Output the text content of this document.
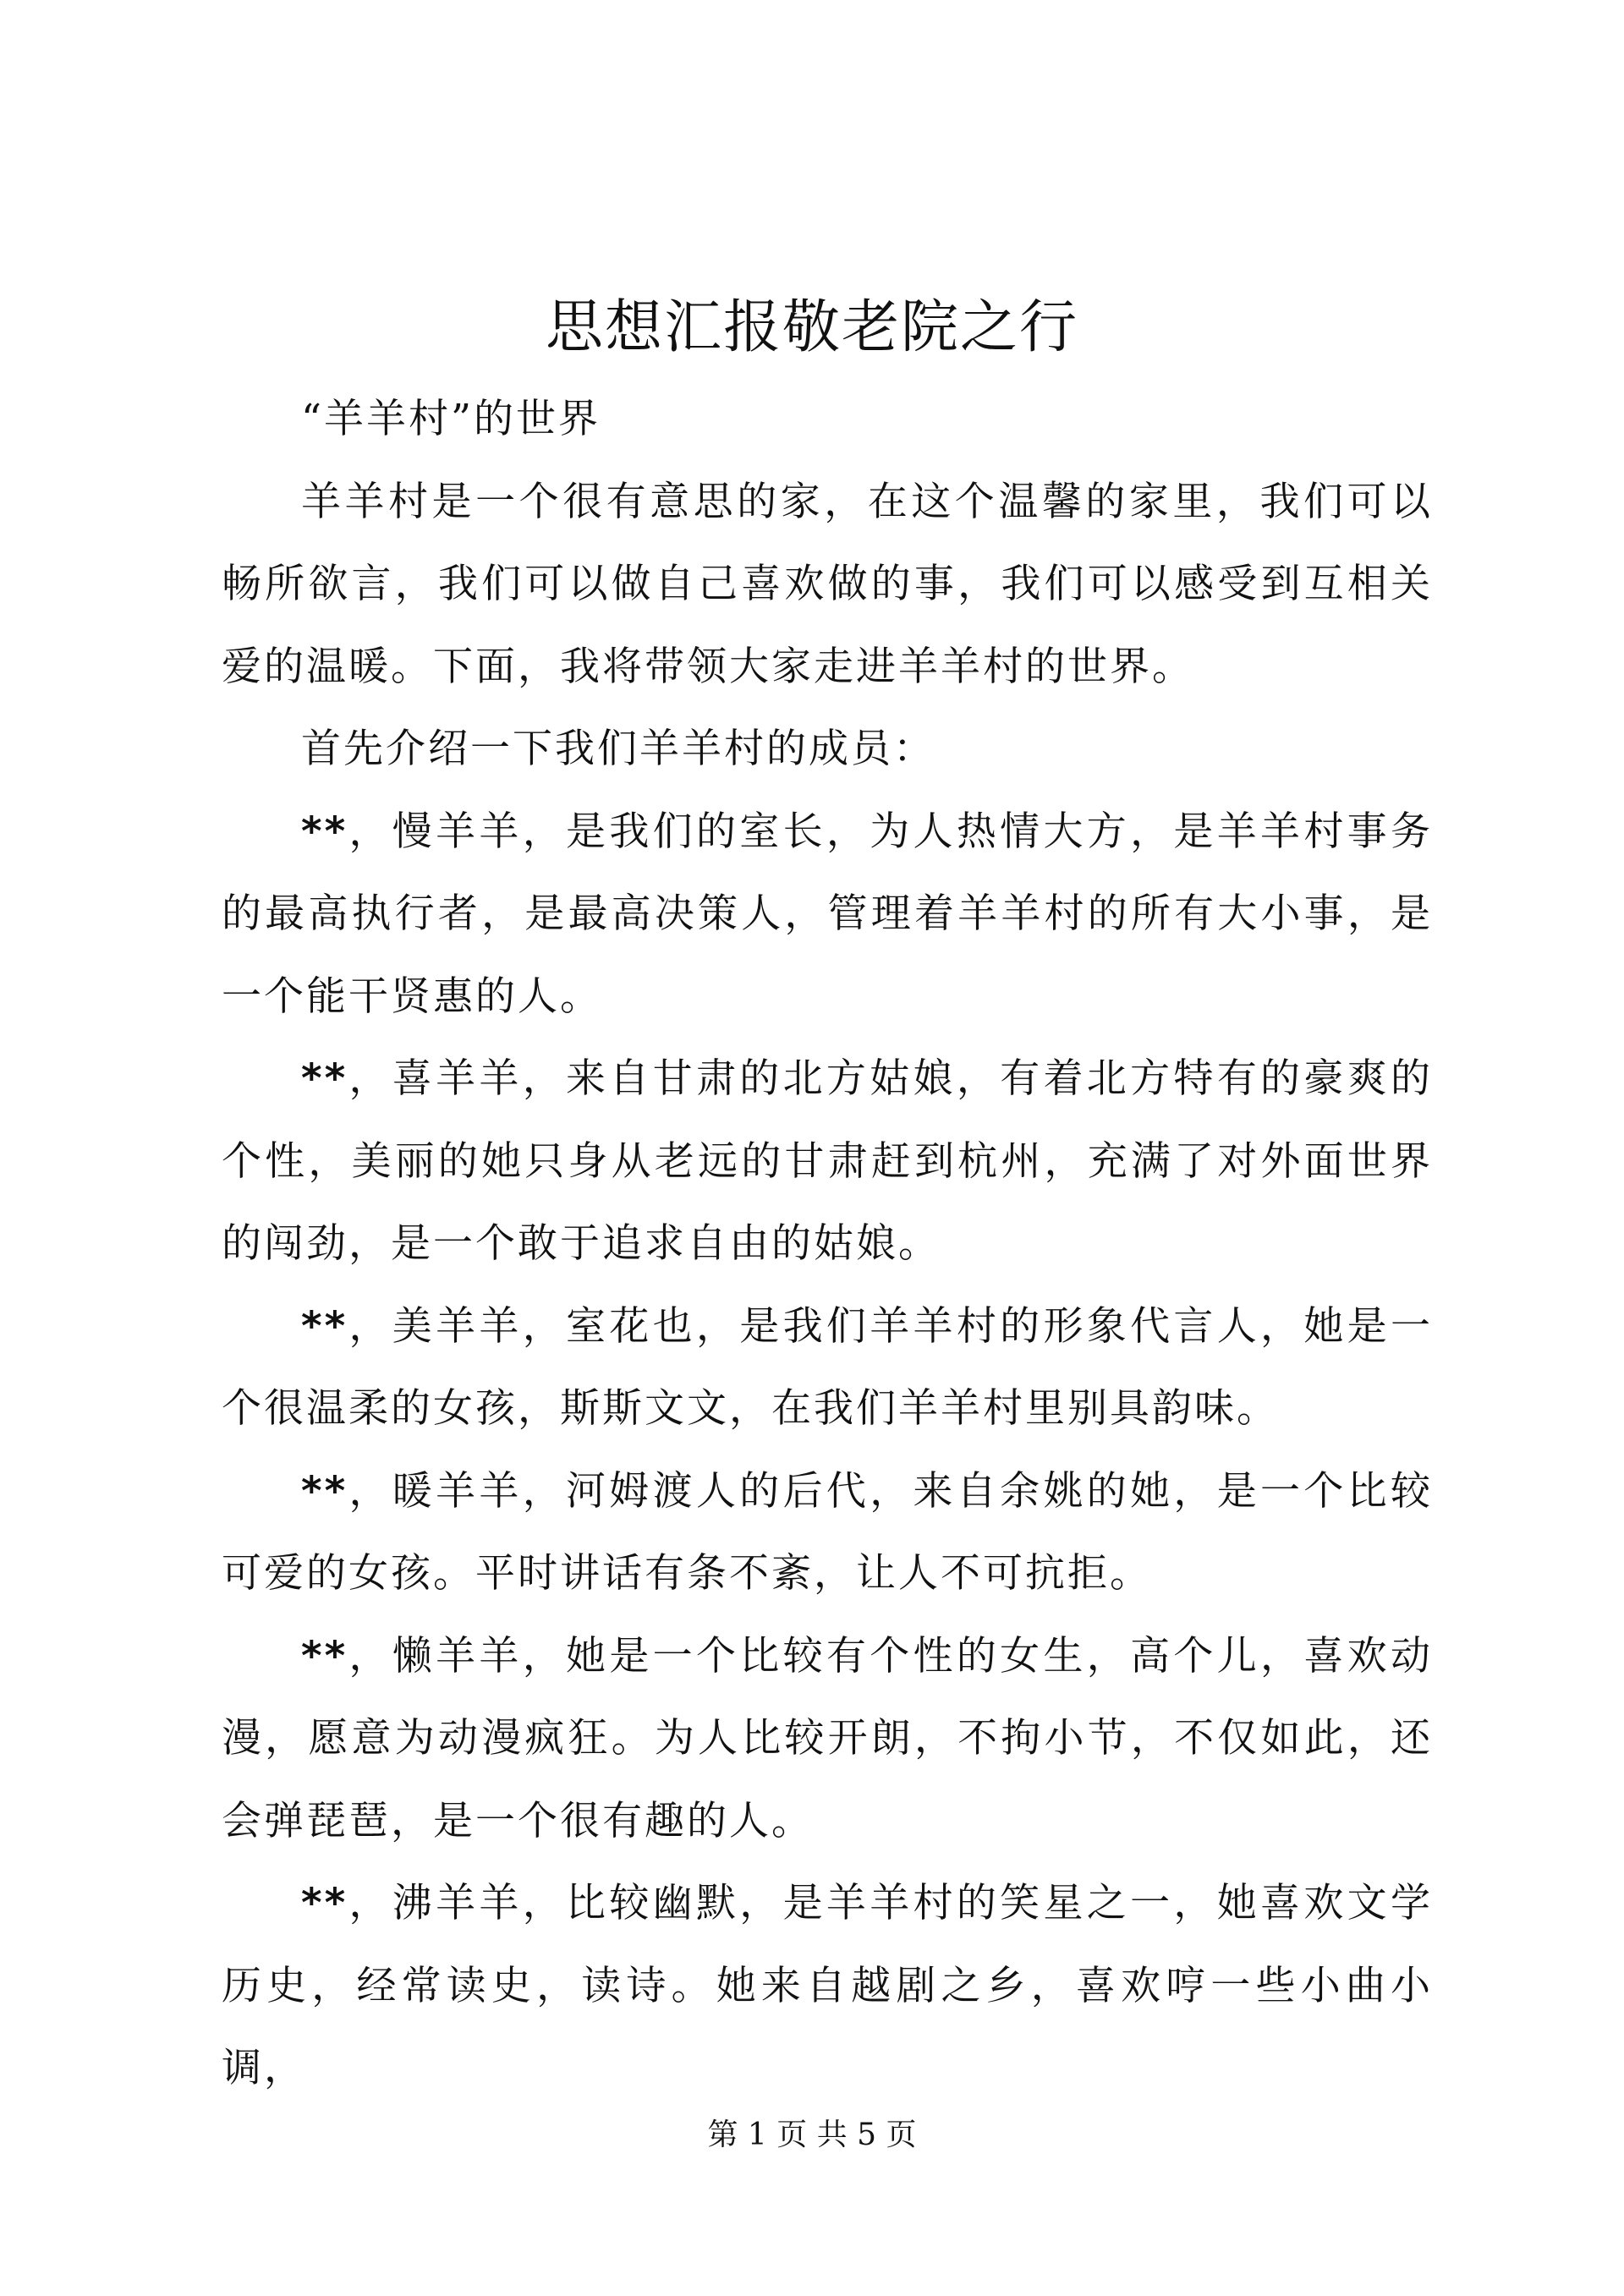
思想汇报敬老院之行

“羊羊村”的世界

羊羊村是一个很有意思的家，在这个温馨的家里，我们可以畅所欲言，我们可以做自己喜欢做的事，我们可以感受到互相关爱的温暖。下面，我将带领大家走进羊羊村的世界。

首先介绍一下我们羊羊村的成员：

**，慢羊羊，是我们的室长，为人热情大方，是羊羊村事务的最高执行者，是最高决策人，管理着羊羊村的所有大小事，是一个能干贤惠的人。

**，喜羊羊，来自甘肃的北方姑娘，有着北方特有的豪爽的个性，美丽的她只身从老远的甘肃赶到杭州，充满了对外面世界的闯劲，是一个敢于追求自由的姑娘。

**，美羊羊，室花也，是我们羊羊村的形象代言人，她是一个很温柔的女孩，斯斯文文，在我们羊羊村里别具韵味。

**，暖羊羊，河姆渡人的后代，来自余姚的她，是一个比较可爱的女孩。平时讲话有条不紊，让人不可抗拒。

**，懒羊羊，她是一个比较有个性的女生，高个儿，喜欢动漫，愿意为动漫疯狂。为人比较开朗，不拘小节，不仅如此，还会弹琵琶，是一个很有趣的人。

**，沸羊羊，比较幽默，是羊羊村的笑星之一，她喜欢文学历史，经常读史，读诗。她来自越剧之乡，喜欢哼一些小曲小调，

第 1 页 共 5 页
